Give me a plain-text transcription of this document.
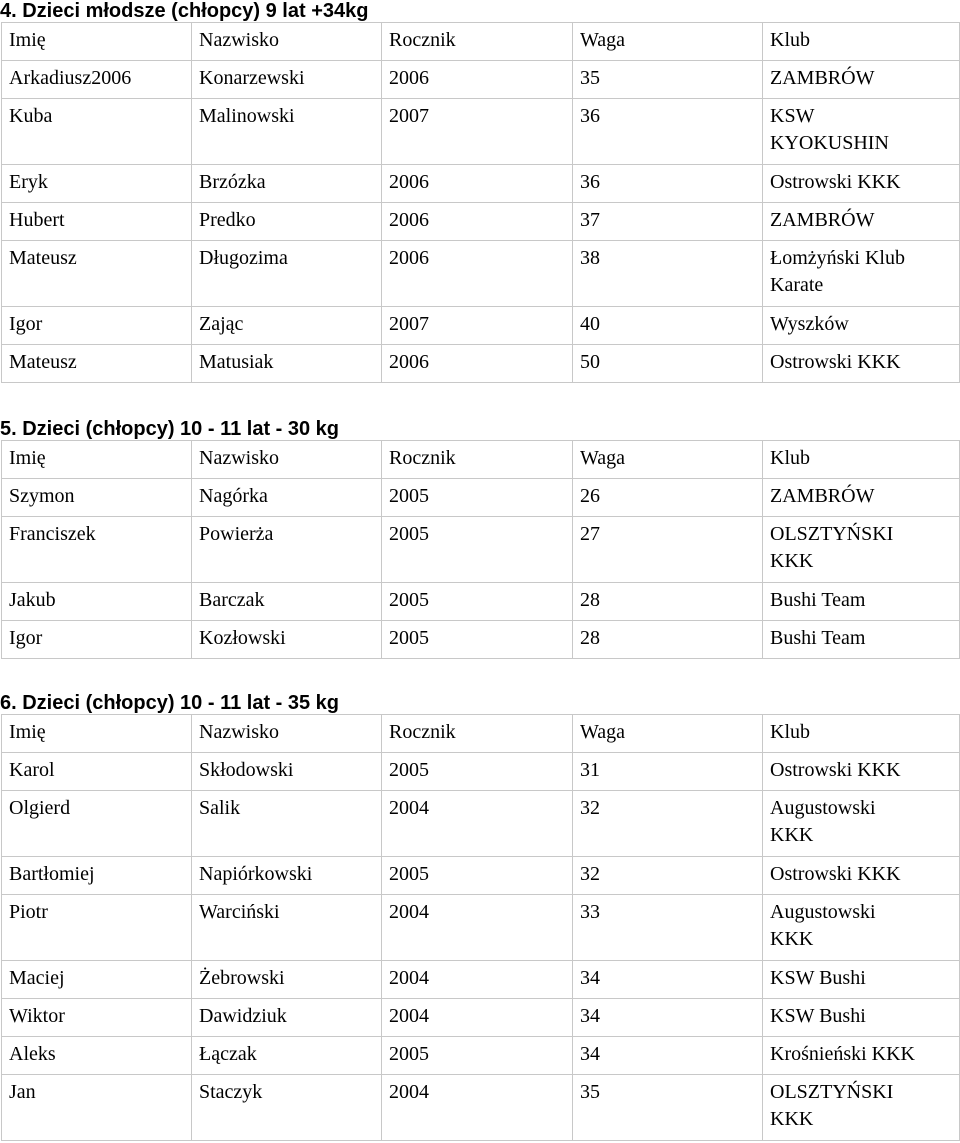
4. Dzieci młodsze (chłopcy) 9 lat +34kg
Imię	Nazwisko	Rocznik	Waga	Klub
Arkadiusz2006	Konarzewski	2006	35	ZAMBRÓW

Kuba	Malinowski	2007	36	KSW KYOKUSHIN

Eryk	Brzózka	2006	36	Ostrowski KKK

Hubert	Predko	2006	37	ZAMBRÓW

Mateusz	Długozima	2006	38	Łomżyński Klub Karate

Igor	Zając	2007	40	Wyszków

Mateusz	Matusiak	2006	50	Ostrowski KKK
5. Dzieci (chłopcy) 10 - 11 lat - 30 kg
Imię	Nazwisko	Rocznik	Waga	Klub
Szymon	Nagórka	2005	26	ZAMBRÓW

Franciszek	Powierża	2005	27	OLSZTYŃSKI KKK

Jakub	Barczak	2005	28	Bushi Team

Igor	Kozłowski	2005	28	Bushi Team
6. Dzieci (chłopcy) 10 - 11 lat - 35 kg
Imię	Nazwisko	Rocznik	Waga	Klub
Karol	Skłodowski	2005	31	Ostrowski KKK

Olgierd	Salik	2004	32	Augustowski KKK

Bartłomiej	Napiórkowski	2005	32	Ostrowski KKK

Piotr	Warciński	2004	33	Augustowski KKK

Maciej	Żebrowski	2004	34	KSW Bushi

Wiktor	Dawidziuk	2004	34	KSW Bushi

Aleks	Łączak	2005	34	Krośnieński KKK

Jan	Staczyk	2004	35	OLSZTYŃSKI KKK
